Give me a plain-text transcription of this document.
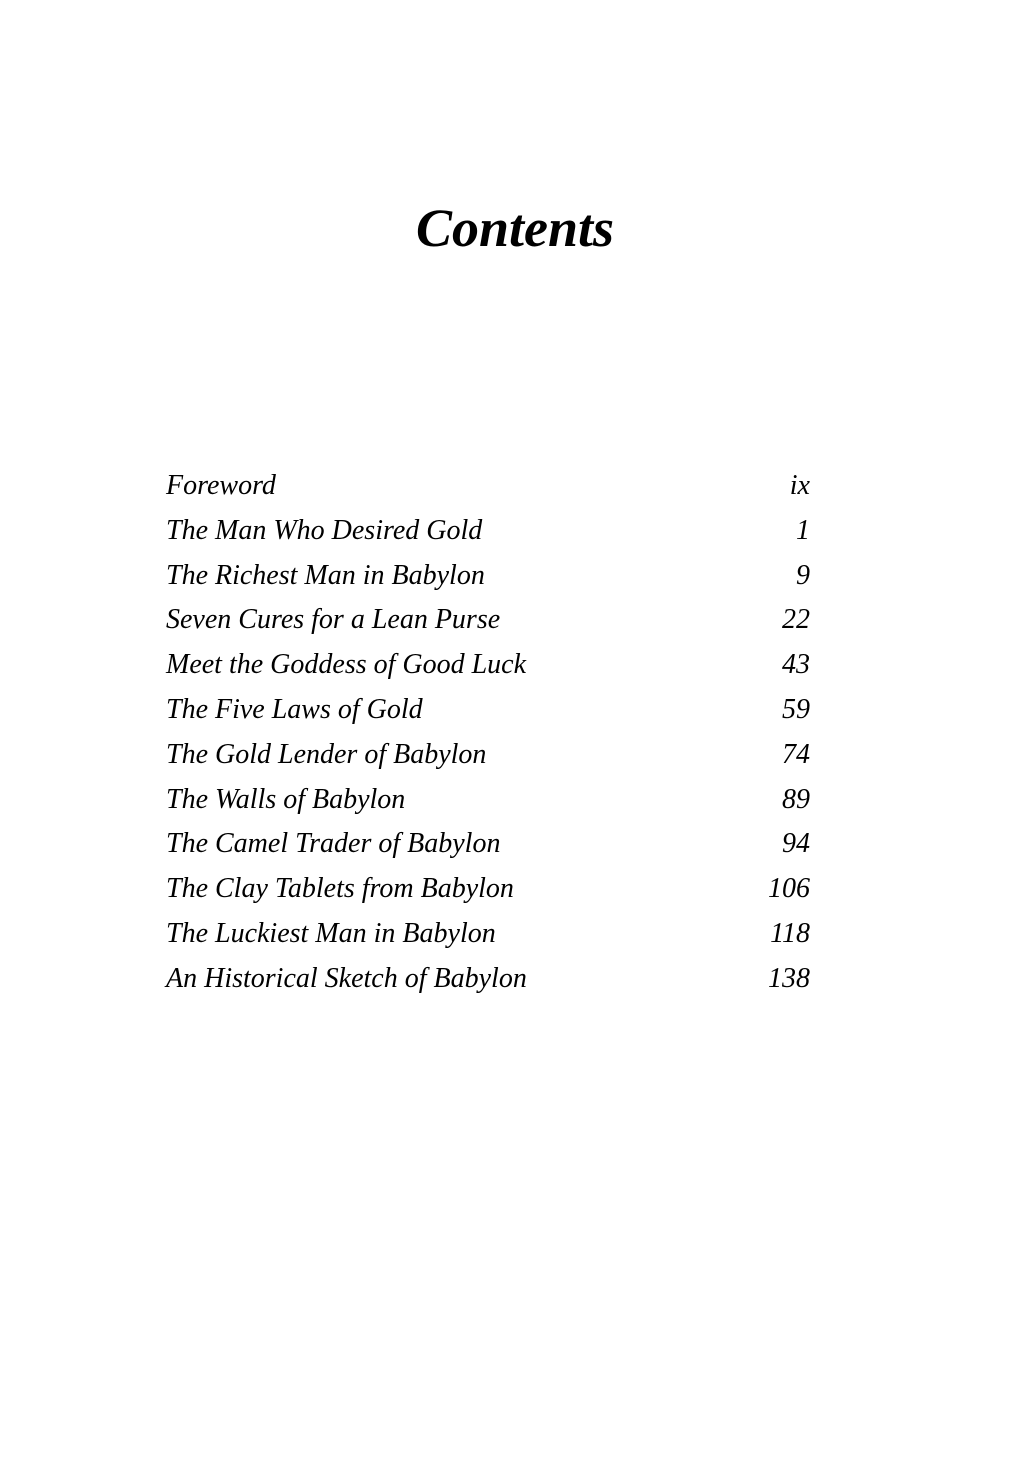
Contents
Foreword	ix
The Man Who Desired Gold	1
The Richest Man in Babylon	9
Seven Cures for a Lean Purse	22
Meet the Goddess of Good Luck	43
The Five Laws of Gold	59
The Gold Lender of Babylon	74
The Walls of Babylon	89
The Camel Trader of Babylon	94
The Clay Tablets from Babylon	106
The Luckiest Man in Babylon	118
An Historical Sketch of Babylon	138
